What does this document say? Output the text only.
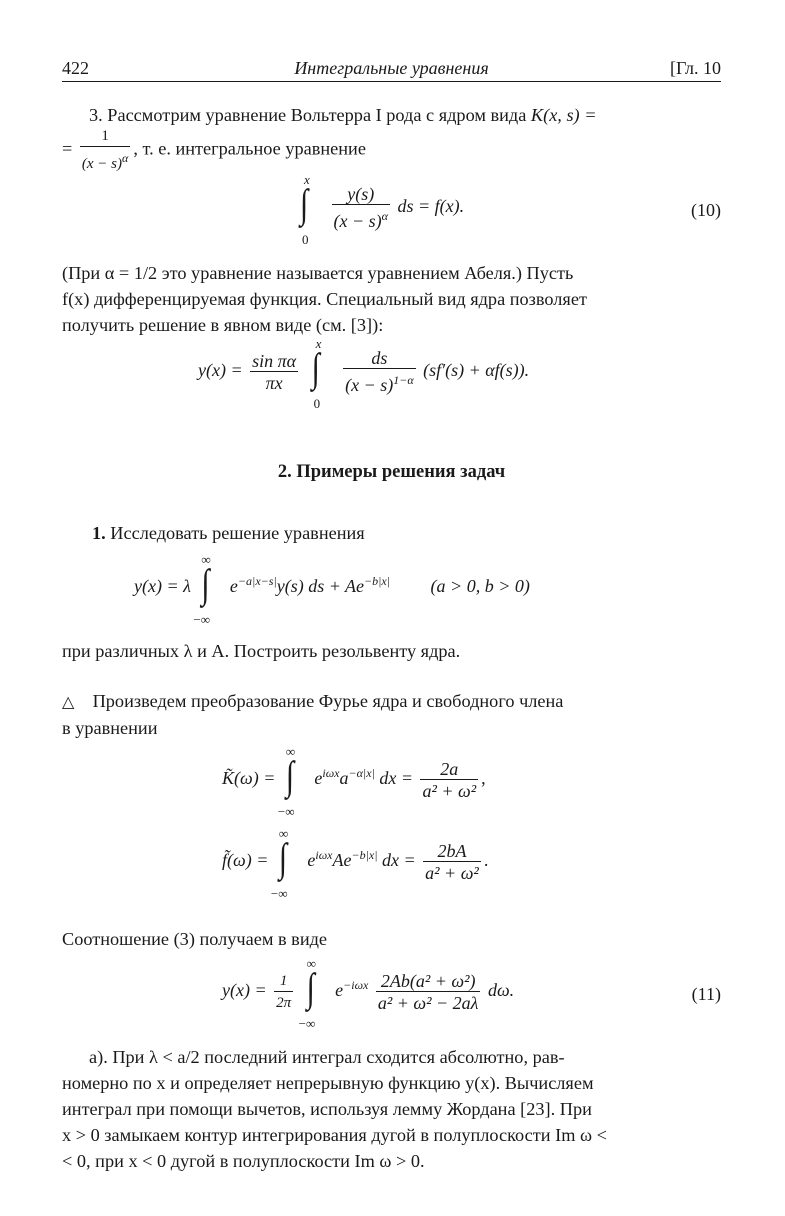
422	Интегральные уравнения	[Гл. 10
3. Рассмотрим уравнение Вольтерра I рода с ядром вида K(x, s) =
= $\frac{1}{(x - s)^\alpha}$ , т. е. интегральное уравнение
x
∫
0

$\frac{y(s)}{(x - s)^\alpha}$ ds = f(x).	(10)
(При α = 1/2 это уравнение называется уравнением Абеля.) Пусть
f(x) дифференцируемая функция. Специальный вид ядра позволяет
получить решение в явном виде (см. [3]):
$y(x) = \frac{\text{sin πα}}{\pi x}$

x
∫
0

$\frac{ds}{(x - s)^{1-\alpha}} (sf'(s) + \alpha f(s))$.
2. Примеры решения задач
1. Исследовать решение уравнения
y(x) = λ
∞
∫
−∞
$e^{-a|x-s|}y(s)$ ds + $Ae^{-b|x|}$ (a > 0, b > 0)
при различных λ и A. Построить резольвенту ядра.
△ Произведем преобразование Фурье ядра и свободного члена
в уравнении
K̃(ω) =
∞
∫
−∞
$e^{i\omega x}a^{-\alpha|x|}$ dx = $\frac{2a}{\text{a² + ω²}}$ ,
f̃(ω) =
∞
∫
−∞
$e^{i\omega x}Ae^{-b|x|}$ dx = $\frac{2bA}{\text{a² + ω²}}$ .
Соотношение (3) получаем в виде
$y(x) = \frac{1}{2\pi}$

∞
∫
−∞
$e^{-i\omega x} \frac{\text{2Ab(a² + ω²)}}{\text{a² + ω² − 2aλ}} d\omega$.	(11)
а). При λ < a/2 последний интеграл сходится абсолютно, рав-
номерно по x и определяет непрерывную функцию y(x). Вычисляем
интеграл при помощи вычетов, используя лемму Жордана [23]. При
x > 0 замыкаем контур интегрирования дугой в полуплоскости Im ω <
< 0, при x < 0 дугой в полуплоскости Im ω > 0.
